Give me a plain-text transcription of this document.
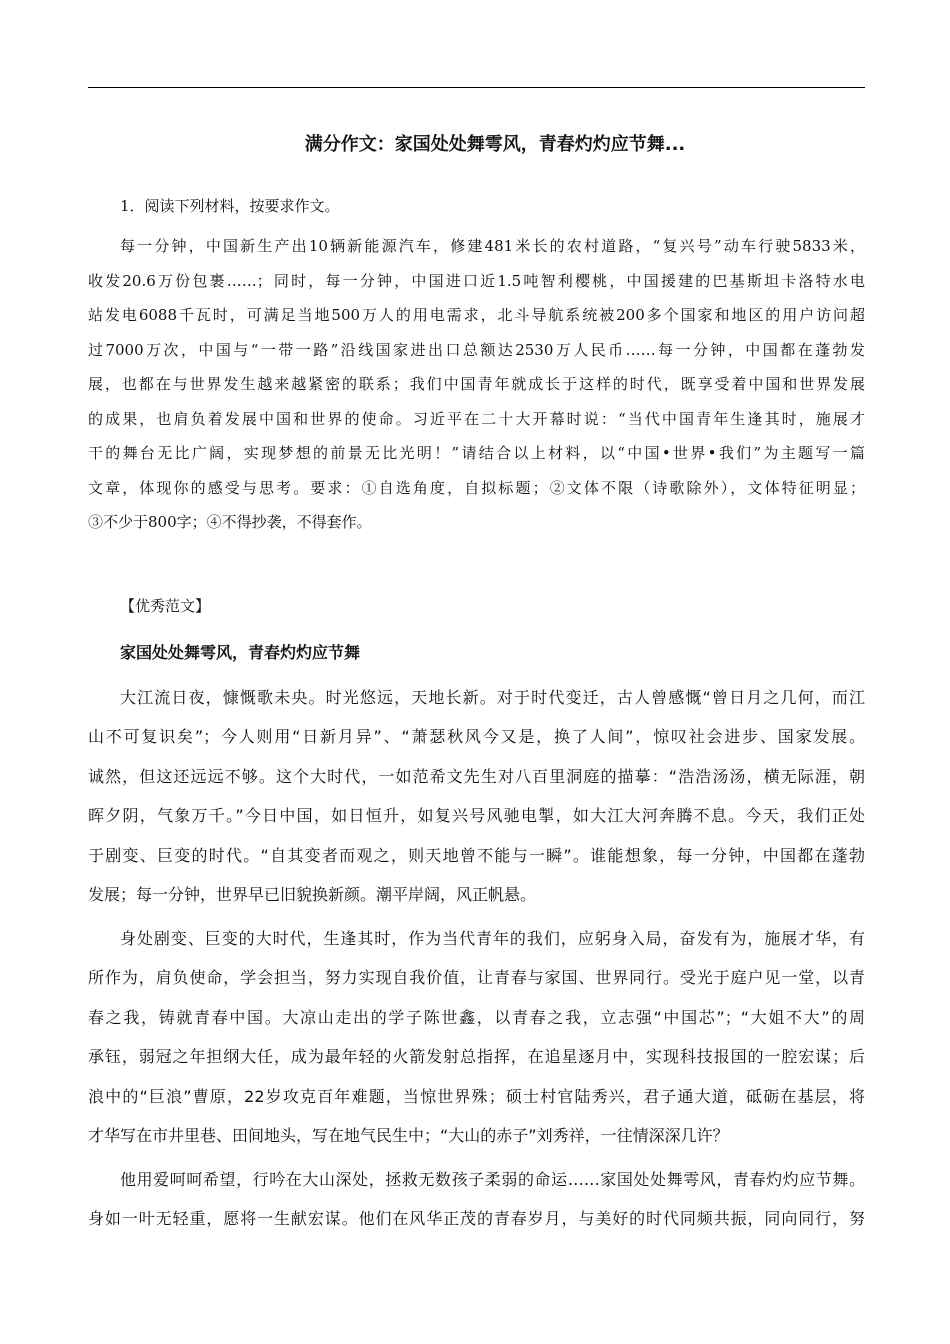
满分作文：家国处处舞雩风，青春灼灼应节舞...
1．阅读下列材料，按要求作文。
每一分钟，中国新生产出10辆新能源汽车，修建481米长的农村道路，“复兴号”动车行驶5833米，
收发20.6万份包裹……；同时，每一分钟，中国进口近1.5吨智利樱桃，中国援建的巴基斯坦卡洛特水电
站发电6088千瓦时，可满足当地500万人的用电需求，北斗导航系统被200多个国家和地区的用户访问超
过7000万次，中国与“一带一路”沿线国家进出口总额达2530万人民币……每一分钟，中国都在蓬勃发
展，也都在与世界发生越来越紧密的联系；我们中国青年就成长于这样的时代，既享受着中国和世界发展
的成果，也肩负着发展中国和世界的使命。习近平在二十大开幕时说：“当代中国青年生逢其时，施展才
干的舞台无比广阔，实现梦想的前景无比光明！”请结合以上材料，以“中国•世界•我们”为主题写一篇
文章，体现你的感受与思考。要求：①自选角度，自拟标题；②文体不限（诗歌除外），文体特征明显；
③不少于800字；④不得抄袭，不得套作。
【优秀范文】
家国处处舞雩风，青春灼灼应节舞
大江流日夜，慷慨歌未央。时光悠远，天地长新。对于时代变迁，古人曾感慨“曾日月之几何，而江
山不可复识矣”；今人则用“日新月异”、“萧瑟秋风今又是，换了人间”，惊叹社会进步、国家发展。
诚然，但这还远远不够。这个大时代，一如范希文先生对八百里洞庭的描摹：“浩浩汤汤，横无际涯，朝
晖夕阴，气象万千。”今日中国，如日恒升，如复兴号风驰电掣，如大江大河奔腾不息。今天，我们正处
于剧变、巨变的时代。“自其变者而观之，则天地曾不能与一瞬”。谁能想象，每一分钟，中国都在蓬勃
发展；每一分钟，世界早已旧貌换新颜。潮平岸阔，风正帆悬。
身处剧变、巨变的大时代，生逢其时，作为当代青年的我们，应躬身入局，奋发有为，施展才华，有
所作为，肩负使命，学会担当，努力实现自我价值，让青春与家国、世界同行。受光于庭户见一堂，以青
春之我，铸就青春中国。大凉山走出的学子陈世鑫，以青春之我，立志强“中国芯”；“大姐不大”的周
承钰，弱冠之年担纲大任，成为最年轻的火箭发射总指挥，在追星逐月中，实现科技报国的一腔宏谋；后
浪中的“巨浪”曹原，22岁攻克百年难题，当惊世界殊；硕士村官陆秀兴，君子通大道，砥砺在基层，将
才华写在市井里巷、田间地头，写在地气民生中；“大山的赤子”刘秀祥，一往情深深几许？
他用爱呵呵希望，行吟在大山深处，拯救无数孩子柔弱的命运……家国处处舞雩风，青春灼灼应节舞。
身如一叶无轻重，愿将一生献宏谋。他们在风华正茂的青春岁月，与美好的时代同频共振，同向同行，努
